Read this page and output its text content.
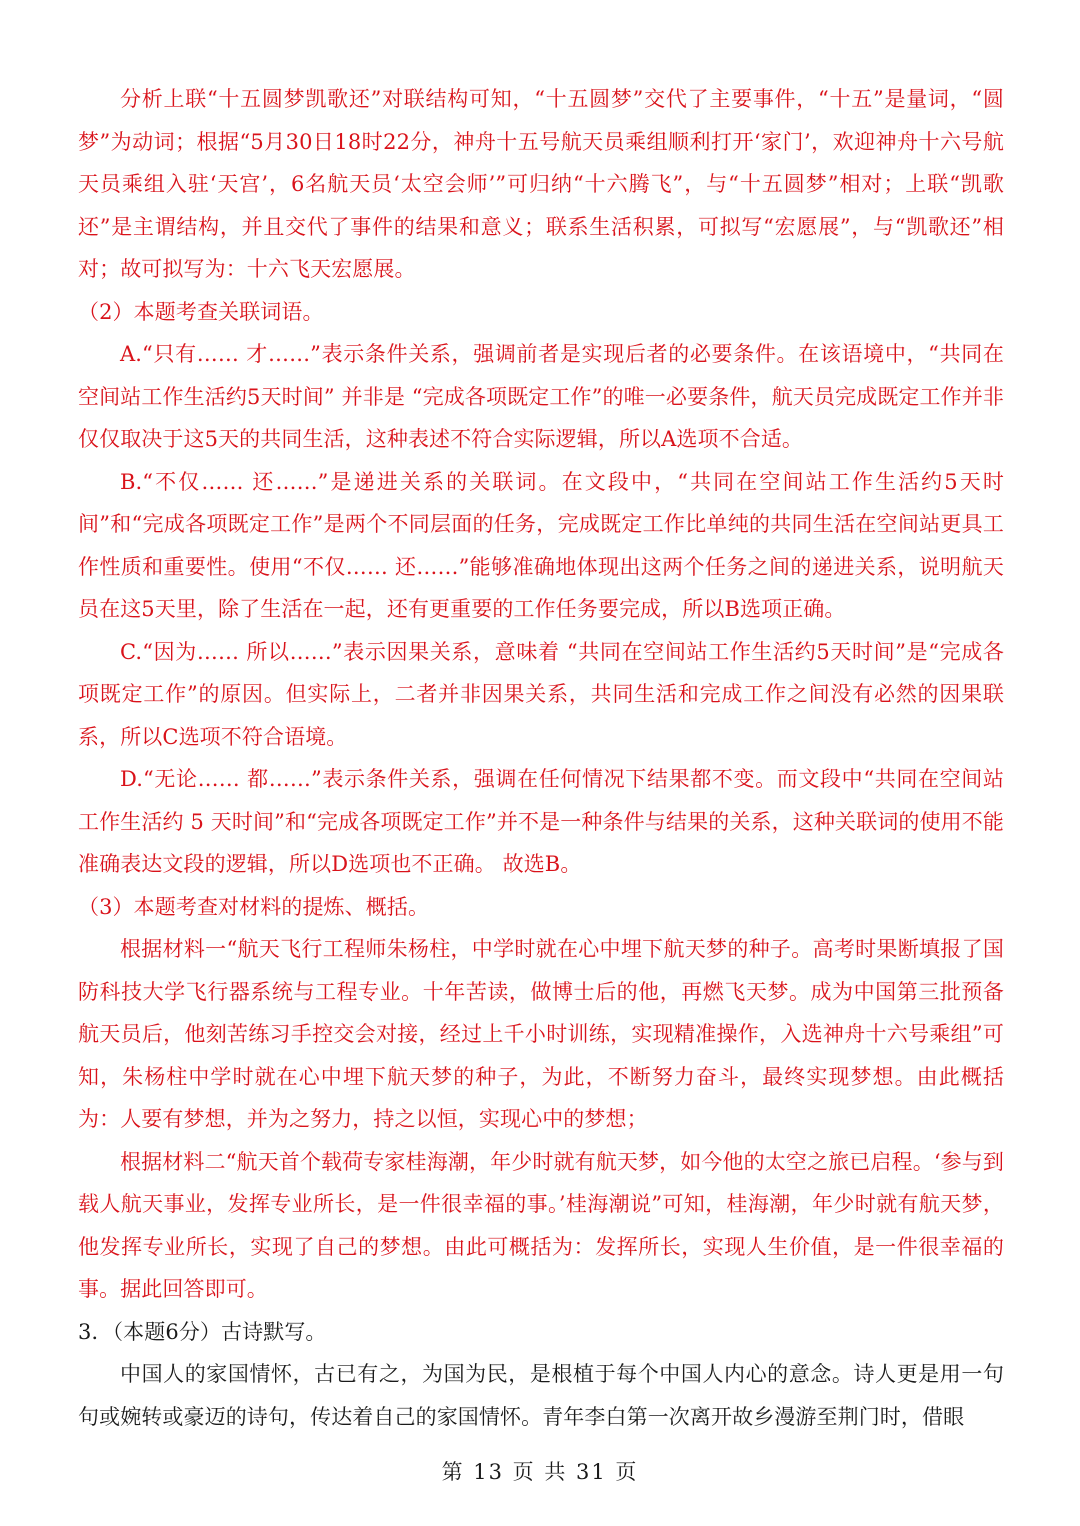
分析上联“十五圆梦凯歌还”对联结构可知，“十五圆梦”交代了主要事件，“十五”是量词，“圆梦”为动词；根据“5月30日18时22分，神舟十五号航天员乘组顺利打开‘家门’，欢迎神舟十六号航天员乘组入驻‘天宫’，6名航天员‘太空会师’”可归纳“十六腾飞”，与“十五圆梦”相对；上联“凯歌还”是主谓结构，并且交代了事件的结果和意义；联系生活积累，可拟写“宏愿展”，与“凯歌还”相对；故可拟写为：十六飞天宏愿展。

（2）本题考查关联词语。

A.“只有…… 才……”表示条件关系，强调前者是实现后者的必要条件。在该语境中，“共同在空间站工作生活约5天时间” 并非是 “完成各项既定工作”的唯一必要条件，航天员完成既定工作并非仅仅取决于这5天的共同生活，这种表述不符合实际逻辑，所以A选项不合适。

B.“不仅…… 还……”是递进关系的关联词。在文段中，“共同在空间站工作生活约5天时间”和“完成各项既定工作”是两个不同层面的任务，完成既定工作比单纯的共同生活在空间站更具工作性质和重要性。使用“不仅…… 还……”能够准确地体现出这两个任务之间的递进关系，说明航天员在这5天里，除了生活在一起，还有更重要的工作任务要完成，所以B选项正确。

C.“因为…… 所以……”表示因果关系，意味着 “共同在空间站工作生活约5天时间”是“完成各项既定工作”的原因。但实际上，二者并非因果关系，共同生活和完成工作之间没有必然的因果联系，所以C选项不符合语境。

D.“无论…… 都……”表示条件关系，强调在任何情况下结果都不变。而文段中“共同在空间站工作生活约 5 天时间”和“完成各项既定工作”并不是一种条件与结果的关系，这种关联词的使用不能准确表达文段的逻辑，所以D选项也不正确。 故选B。

（3）本题考查对材料的提炼、概括。

根据材料一“航天飞行工程师朱杨柱，中学时就在心中埋下航天梦的种子。高考时果断填报了国防科技大学飞行器系统与工程专业。十年苦读，做博士后的他，再燃飞天梦。成为中国第三批预备航天员后，他刻苦练习手控交会对接，经过上千小时训练，实现精准操作，入选神舟十六号乘组”可知，朱杨柱中学时就在心中埋下航天梦的种子，为此，不断努力奋斗，最终实现梦想。由此概括为：人要有梦想，并为之努力，持之以恒，实现心中的梦想；

根据材料二“航天首个载荷专家桂海潮，年少时就有航天梦，如今他的太空之旅已启程。‘参与到载人航天事业，发挥专业所长，是一件很幸福的事。’桂海潮说”可知，桂海潮，年少时就有航天梦，他发挥专业所长，实现了自己的梦想。由此可概括为：发挥所长，实现人生价值，是一件很幸福的事。据此回答即可。

3．（本题6分）古诗默写。

中国人的家国情怀，古已有之，为国为民，是根植于每个中国人内心的意念。诗人更是用一句句或婉转或豪迈的诗句，传达着自己的家国情怀。青年李白第一次离开故乡漫游至荆门时，借眼

第 13 页 共 31 页
